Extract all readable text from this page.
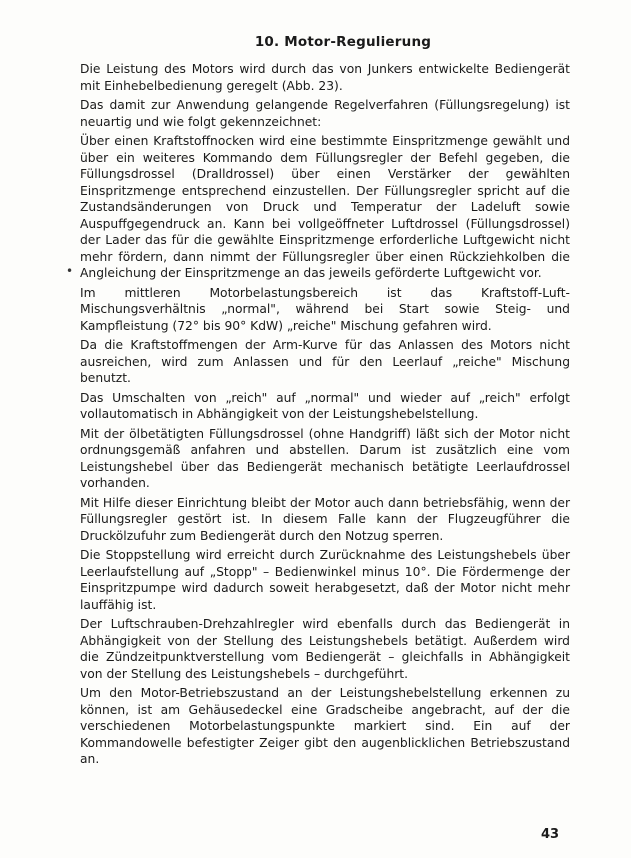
10. Motor-Regulierung

Die Leistung des Motors wird durch das von Junkers entwickelte Bediengerät mit Einhebelbedienung geregelt (Abb. 23).

Das damit zur Anwendung gelangende Regelverfahren (Füllungsregelung) ist neuartig und wie folgt gekennzeichnet:

Über einen Kraftstoffnocken wird eine bestimmte Einspritzmenge gewählt und über ein weiteres Kommando dem Füllungsregler der Befehl gegeben, die Füllungsdrossel (Dralldrossel) über einen Verstärker der gewählten Einspritzmenge entsprechend einzustellen. Der Füllungsregler spricht auf die Zustandsänderungen von Druck und Temperatur der Ladeluft sowie Auspuffgegendruck an. Kann bei vollgeöffneter Luftdrossel (Füllungsdrossel) der Lader das für die gewählte Einspritzmenge erforderliche Luftgewicht nicht mehr fördern, dann nimmt der Füllungsregler über einen Rückziehkolben die Angleichung der Einspritzmenge an das jeweils geförderte Luftgewicht vor.

Im mittleren Motorbelastungsbereich ist das Kraftstoff-Luft-Mischungsverhältnis „normal", während bei Start sowie Steig- und Kampfleistung (72° bis 90° KdW) „reiche" Mischung gefahren wird.

Da die Kraftstoffmengen der Arm-Kurve für das Anlassen des Motors nicht ausreichen, wird zum Anlassen und für den Leerlauf „reiche" Mischung benutzt.

Das Umschalten von „reich" auf „normal" und wieder auf „reich" erfolgt vollautomatisch in Abhängigkeit von der Leistungshebelstellung.

Mit der ölbetätigten Füllungsdrossel (ohne Handgriff) läßt sich der Motor nicht ordnungsgemäß anfahren und abstellen. Darum ist zusätzlich eine vom Leistungshebel über das Bediengerät mechanisch betätigte Leerlaufdrossel vorhanden.

Mit Hilfe dieser Einrichtung bleibt der Motor auch dann betriebsfähig, wenn der Füllungsregler gestört ist. In diesem Falle kann der Flugzeugführer die Druckölzufuhr zum Bediengerät durch den Notzug sperren.

Die Stoppstellung wird erreicht durch Zurücknahme des Leistungshebels über Leerlaufstellung auf „Stopp" – Bedienwinkel minus 10°. Die Fördermenge der Einspritzpumpe wird dadurch soweit herabgesetzt, daß der Motor nicht mehr lauffähig ist.

Der Luftschrauben-Drehzahlregler wird ebenfalls durch das Bediengerät in Abhängigkeit von der Stellung des Leistungshebels betätigt. Außerdem wird die Zündzeitpunktverstellung vom Bediengerät – gleichfalls in Abhängigkeit von der Stellung des Leistungshebels – durchgeführt.

Um den Motor-Betriebszustand an der Leistungshebelstellung erkennen zu können, ist am Gehäusedeckel eine Gradscheibe angebracht, auf der die verschiedenen Motorbelastungspunkte markiert sind. Ein auf der Kommandowelle befestigter Zeiger gibt den augenblicklichen Betriebszustand an.

•
43
